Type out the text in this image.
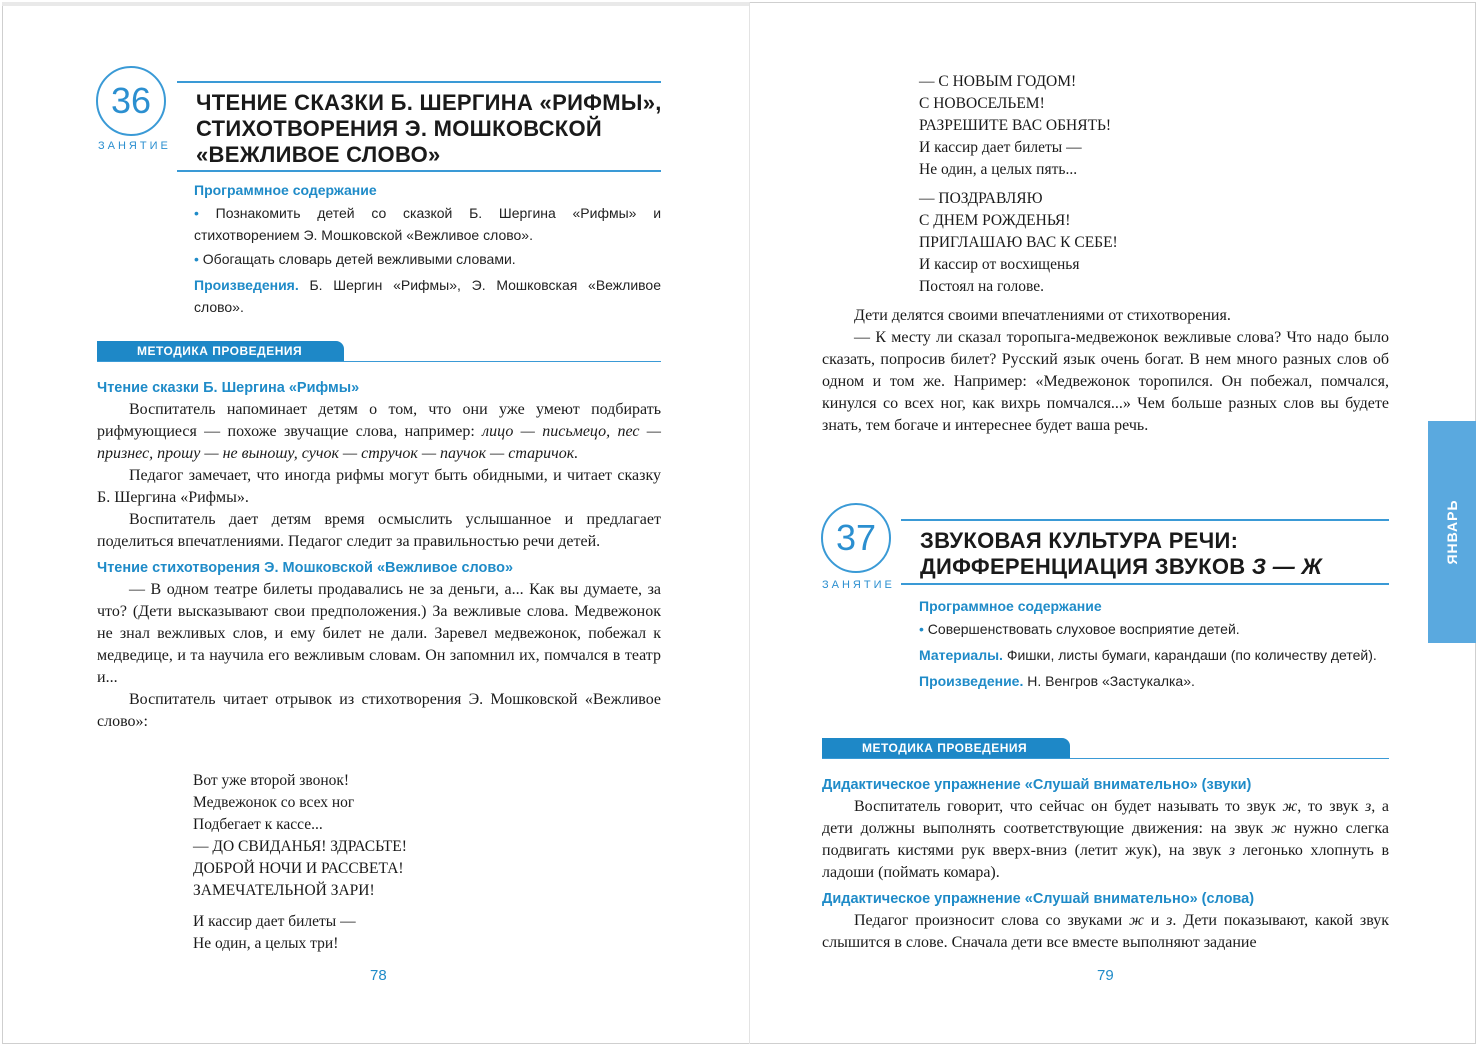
36
ЗАНЯТИЕ
ЧТЕНИЕ СКАЗКИ Б. ШЕРГИНА «РИФМЫ»,
СТИХОТВОРЕНИЯ Э. МОШКОВСКОЙ
«ВЕЖЛИВОЕ СЛОВО»
Программное содержание
• Познакомить детей со сказкой Б. Шергина «Рифмы» и стихотворением Э. Мошковской «Вежливое слово».
• Обогащать словарь детей вежливыми словами.
Произведения. Б. Шергин «Рифмы», Э. Мошковская «Вежливое слово».
МЕТОДИКА ПРОВЕДЕНИЯ
Чтение сказки Б. Шергина «Рифмы»

Воспитатель напоминает детям о том, что они уже умеют подбирать рифмующиеся — похоже звучащие слова, например: лицо — письмецо, пес — признес, прошу — не выношу, сучок — стручок — паучок — старичок.

Педагог замечает, что иногда рифмы могут быть обидными, и читает сказку Б. Шергина «Рифмы».

Воспитатель дает детям время осмыслить услышанное и предлагает поделиться впечатлениями. Педагог следит за правильностью речи детей.

Чтение стихотворения Э. Мошковской «Вежливое слово»

— В одном театре билеты продавались не за деньги, а... Как вы думаете, за что? (Дети высказывают свои предположения.) За вежливые слова. Медвежонок не знал вежливых слов, и ему билет не дали. Заревел медвежонок, побежал к медведице, и та научила его вежливым словам. Он запомнил их, помчался в театр и...

Воспитатель читает отрывок из стихотворения Э. Мошковской «Вежливое слово»:

Вот уже второй звонок!
Медвежонок со всех ног
Подбегает к кассе...
— ДО СВИДАНЬЯ! ЗДРАСЬТЕ!
ДОБРОЙ НОЧИ И РАССВЕТА!
ЗАМЕЧАТЕЛЬНОЙ ЗАРИ!
И кассир дает билеты —
Не один, а целых три!
78
— С НОВЫМ ГОДОМ!
С НОВОСЕЛЬЕМ!
РАЗРЕШИТЕ ВАС ОБНЯТЬ!
И кассир дает билеты —
Не один, а целых пять...
— ПОЗДРАВЛЯЮ
С ДНЕМ РОЖДЕНЬЯ!
ПРИГЛАШАЮ ВАС К СЕБЕ!
И кассир от восхищенья
Постоял на голове.

Дети делятся своими впечатлениями от стихотворения.

— К месту ли сказал торопыга-медвежонок вежливые слова? Что надо было сказать, попросив билет? Русский язык очень богат. В нем много разных слов об одном и том же. Например: «Медвежонок торопился. Он побежал, помчался, кинулся со всех ног, как вихрь помчался...» Чем больше разных слов вы будете знать, тем богаче и интереснее будет ваша речь.

37
ЗАНЯТИЕ
ЗВУКОВАЯ КУЛЬТУРА РЕЧИ:
ДИФФЕРЕНЦИАЦИЯ ЗВУКОВ З — Ж
Программное содержание
• Совершенствовать слуховое восприятие детей.
Материалы. Фишки, листы бумаги, карандаши (по количеству детей).
Произведение. Н. Венгров «Застукалка».
МЕТОДИКА ПРОВЕДЕНИЯ
Дидактическое упражнение «Слушай внимательно» (звуки)

Воспитатель говорит, что сейчас он будет называть то звук ж, то звук з, а дети должны выполнять соответствующие движения: на звук ж нужно слегка подвигать кистями рук вверх-вниз (летит жук), на звук з легонько хлопнуть в ладоши (поймать комара).

Дидактическое упражнение «Слушай внимательно» (слова)

Педагог произносит слова со звуками ж и з. Дети показывают, какой звук слышится в слове. Сначала дети все вместе выполняют задание

79
ЯНВАРЬ
